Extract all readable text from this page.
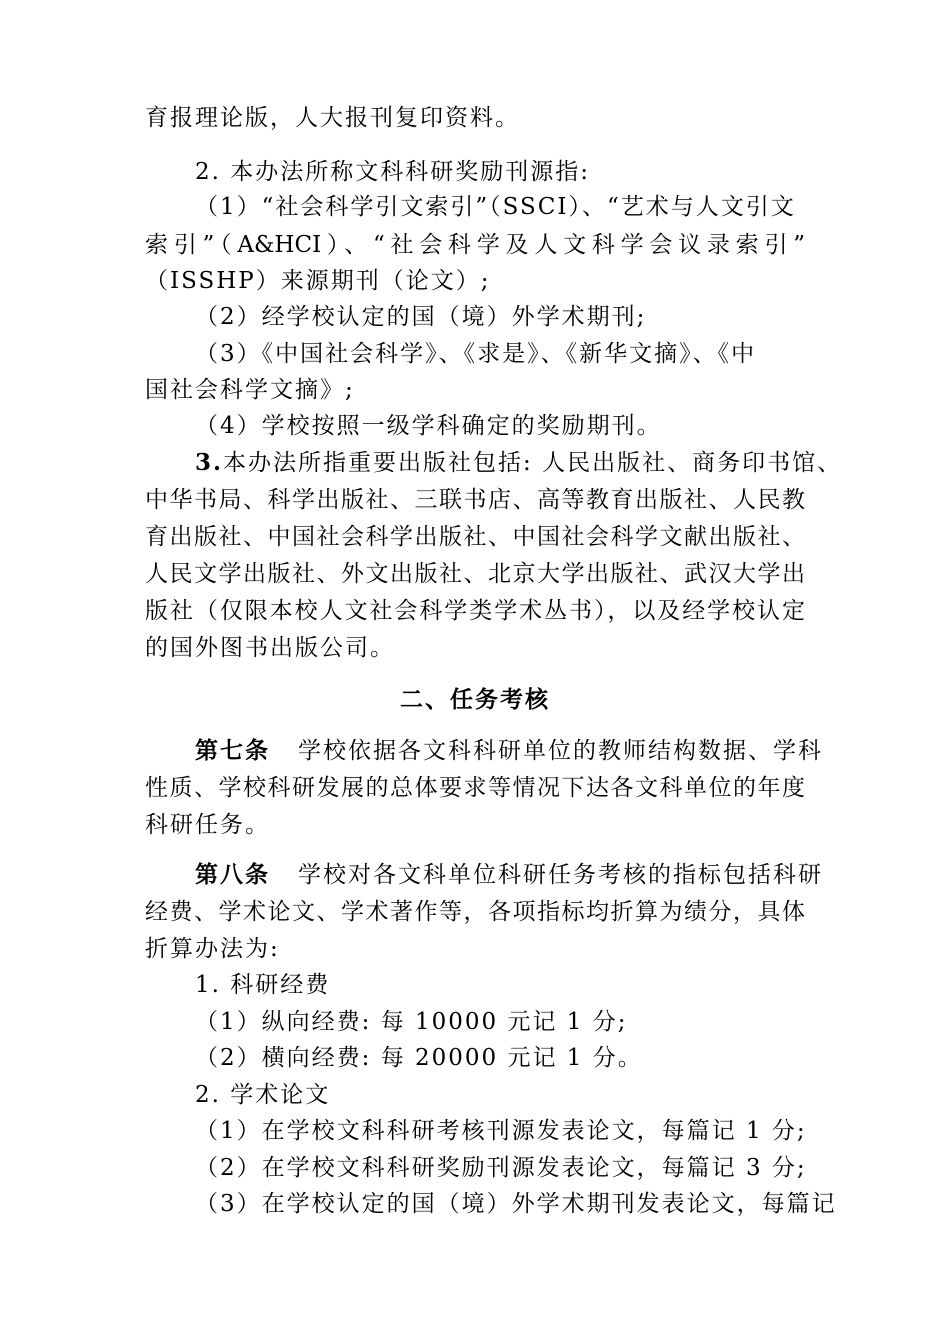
育报理论版，人大报刊复印资料。
2. 本办法所称文科科研奖励刊源指:
（1）“社会科学引文索引”（SSCI）、“艺术与人文引文
索引”（A&HCI）、“社会科学及人文科学会议录索引”
（ISSHP）来源期刊（论文）;
（2）经学校认定的国（境）外学术期刊;
（3）《中国社会科学》、《求是》、《新华文摘》、《中
国社会科学文摘》;
（4）学校按照一级学科确定的奖励期刊。
3.本办法所指重要出版社包括: 人民出版社、商务印书馆、
中华书局、科学出版社、三联书店、高等教育出版社、人民教
育出版社、中国社会科学出版社、中国社会科学文献出版社、
人民文学出版社、外文出版社、北京大学出版社、武汉大学出
版社（仅限本校人文社会科学类学术丛书），以及经学校认定
的国外图书出版公司。
二、任务考核
第七条 学校依据各文科科研单位的教师结构数据、学科
性质、学校科研发展的总体要求等情况下达各文科单位的年度
科研任务。
第八条 学校对各文科单位科研任务考核的指标包括科研
经费、学术论文、学术著作等，各项指标均折算为绩分，具体
折算办法为:
1. 科研经费
（1）纵向经费: 每 10000 元记 1 分;
（2）横向经费: 每 20000 元记 1 分。
2. 学术论文
（1）在学校文科科研考核刊源发表论文，每篇记 1 分;
（2）在学校文科科研奖励刊源发表论文，每篇记 3 分;
（3）在学校认定的国（境）外学术期刊发表论文，每篇记
